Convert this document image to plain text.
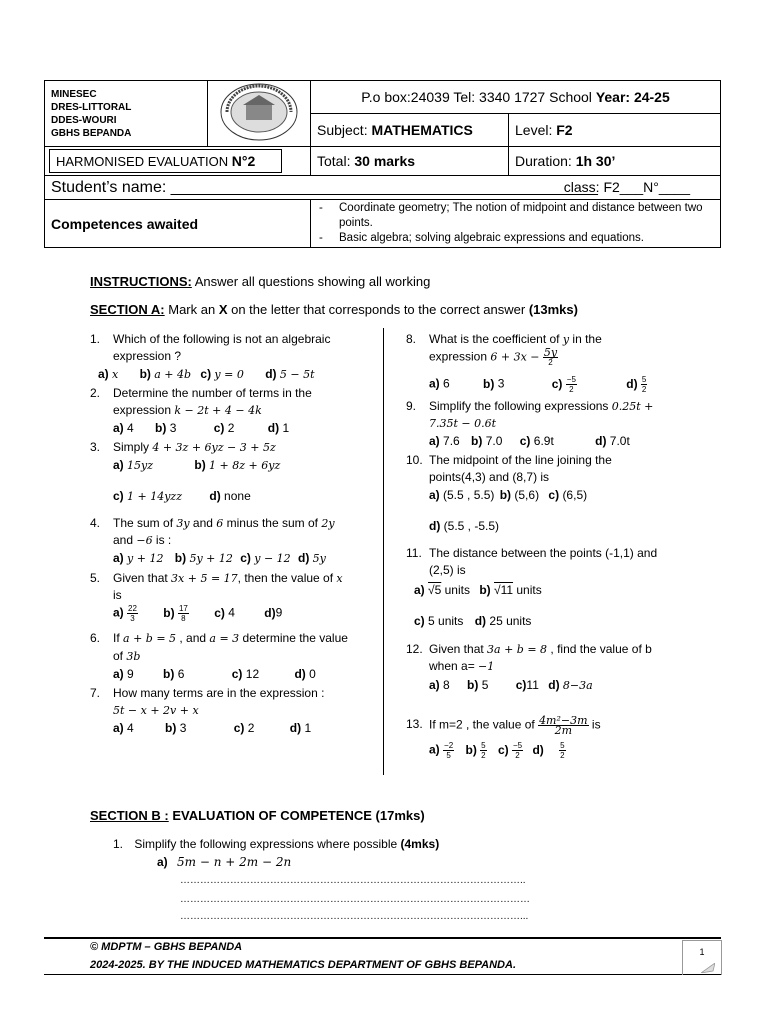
MINESEC
DRES-LITTORAL
DDES-WOURI
GBHS BEPANDA		P.o box:24039 Tel: 3340 1727 School Year: 24-25	
		Subject: MATHEMATICS	Level: F2

HARMONISED EVALUATION N°2		Total: 30 marks	Duration: 1h 30’
Student’s name: ________________________________________________
class: F2___N°____			

Competences awaited		- Coordinate geometry; The notion of midpoint and distance between two points.
- Basic algebra; solving algebraic expressions and equations.	
INSTRUCTIONS: Answer all questions showing all working
SECTION A: Mark an X on the letter that corresponds to the correct answer (13mks)
1. Which of the following is not an algebraic
expression ?
a) x b) a + 4b c) y = 0 d) 5 − 5t
2. Determine the number of terms in the
expression k − 2t + 4 − 4k
a) 4 b) 3	c) 2	d) 1
3. Simply 4 + 3z + 6yz − 3 + 5z
a) 15yz	b) 1 + 8z + 6yz
c) 1 + 14yzz d) none
4. The sum of 3y and 6 minus the sum of 2y
and −6 is :
a) y + 12 b) 5y + 12 c) y − 12 d) 5y
5. Given that 3x + 5 = 17, then the value of x
is
$a) \frac{22}{3} b) \frac{17}{8} c$) 4 d)9
6. If a + b = 5 , and a = 3 determine the value
of 3b
a) 9 b) 6	c) 12	d) 0
7. How many terms are in the expression :
5t − x + 2v + x
a) 4	b) 3	c) 2	d) 1
8. What is the coefficient of y in the
expression $6 + 3x - \frac{5y}{2}$
a) 6	b) 3	$c) \frac{-5}{2}$	$d) \frac{5}{2}$
9. Simplify the following expressions 0.25t +
7.35t − 0.6t
a) 7.6 b) 7.0 c) 6.9t	d) 7.0t
10. The midpoint of the line joining the
points(4,3) and (8,7) is
a) (5.5 , 5.5) b) (5,6) c) (6,5)
d) (5.5 , -5.5)
11. The distance between the points (-1,1) and
(2,5) is
a) √5 units b) √11 units
c) 5 units d) 25 units
12. Given that 3a + b = 8 , find the value of b
when a= −1
a) 8 b) 5 c)11 d) 8−3a
13. If m=2 , the value of $\frac{\text{4m²−3m}}{2m}$ is
$a) \frac{-2}{5} b) \frac{5}{2} c) \frac{-5}{2} d) \frac{5}{2}$
SECTION B : EVALUATION OF COMPETENCE (17mks)
1. Simplify the following expressions where possible (4mks)
a) 5m − n + 2m − 2n
…………………………………………………………………………………………..
……………………………………………………………………………………………
…………………………………………………………………………………………...
© MDPTM – GBHS BEPANDA
2024-2025. BY THE INDUCED MATHEMATICS DEPARTMENT OF GBHS BEPANDA.
1
